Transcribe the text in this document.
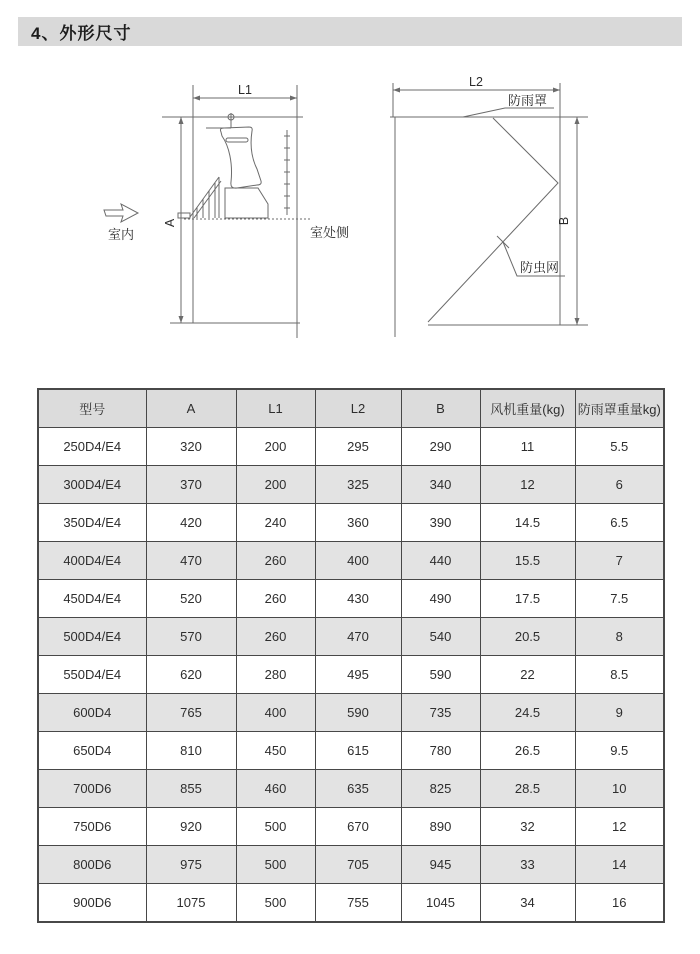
4、外形尺寸
L1
A
室内	室处侧
L2
B
防雨罩
防虫网
型号	A	L1	L2	B	风机重量(kg)	防雨罩重量kg)
250D4/E4	320	200	295	290	11	5.5
300D4/E4	370	200	325	340	12	6
350D4/E4	420	240	360	390	14.5	6.5
400D4/E4	470	260	400	440	15.5	7
450D4/E4	520	260	430	490	17.5	7.5
500D4/E4	570	260	470	540	20.5	8
550D4/E4	620	280	495	590	22	8.5
600D4	765	400	590	735	24.5	9
650D4	810	450	615	780	26.5	9.5
700D6	855	460	635	825	28.5	10
750D6	920	500	670	890	32	12
800D6	975	500	705	945	33	14
900D6	1075	500	755	1045	34	16
